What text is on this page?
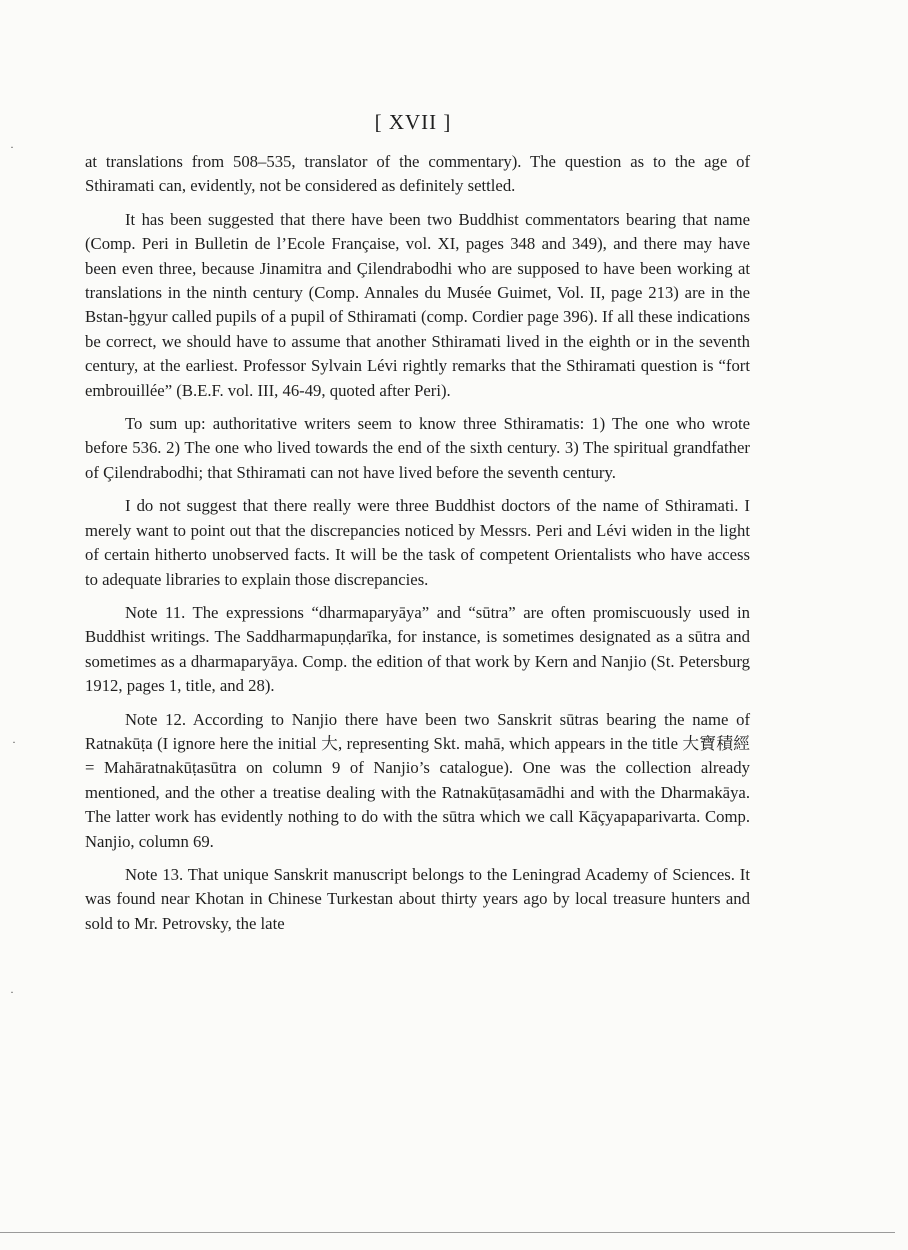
[ XVII ]

at translations from 508–535, translator of the commentary). The question as to the age of Sthiramati can, evidently, not be considered as definitely settled.

It has been suggested that there have been two Buddhist commentators bearing that name (Comp. Peri in Bulletin de l’Ecole Française, vol. XI, pages 348 and 349), and there may have been even three, because Jinamitra and Çilendrabodhi who are supposed to have been working at translations in the ninth century (Comp. Annales du Musée Guimet, Vol. II, page 213) are in the Bstan-ḫgyur called pupils of a pupil of Sthiramati (comp. Cordier page 396). If all these indications be correct, we should have to assume that another Sthiramati lived in the eighth or in the seventh century, at the earliest. Professor Sylvain Lévi rightly remarks that the Sthiramati question is “fort embrouillée” (B.E.F. vol. III, 46-49, quoted after Peri).

To sum up: authoritative writers seem to know three Sthiramatis: 1) The one who wrote before 536. 2) The one who lived towards the end of the sixth century. 3) The spiritual grandfather of Çilendrabodhi; that Sthiramati can not have lived before the seventh century.

I do not suggest that there really were three Buddhist doctors of the name of Sthiramati. I merely want to point out that the discrepancies noticed by Messrs. Peri and Lévi widen in the light of certain hitherto unobserved facts. It will be the task of competent Orientalists who have access to adequate libraries to explain those discrepancies.

Note 11. The expressions “dharmaparyāya” and “sūtra” are often promiscuously used in Buddhist writings. The Saddharmapuṇḍarīka, for instance, is sometimes designated as a sūtra and sometimes as a dharmaparyāya. Comp. the edition of that work by Kern and Nanjio (St. Petersburg 1912, pages 1, title, and 28).

Note 12. According to Nanjio there have been two Sanskrit sūtras bearing the name of Ratnakūṭa (I ignore here the initial 大, representing Skt. mahā, which appears in the title 大寶積經 = Mahāratnakūṭasūtra on column 9 of Nanjio’s catalogue). One was the collection already mentioned, and the other a treatise dealing with the Ratnakūṭasamādhi and with the Dharmakāya. The latter work has evidently nothing to do with the sūtra which we call Kāçyapaparivarta. Comp. Nanjio, column 69.

Note 13. That unique Sanskrit manuscript belongs to the Leningrad Academy of Sciences. It was found near Khotan in Chinese Turkestan about thirty years ago by local treasure hunters and sold to Mr. Petrovsky, the late

·
·
·
